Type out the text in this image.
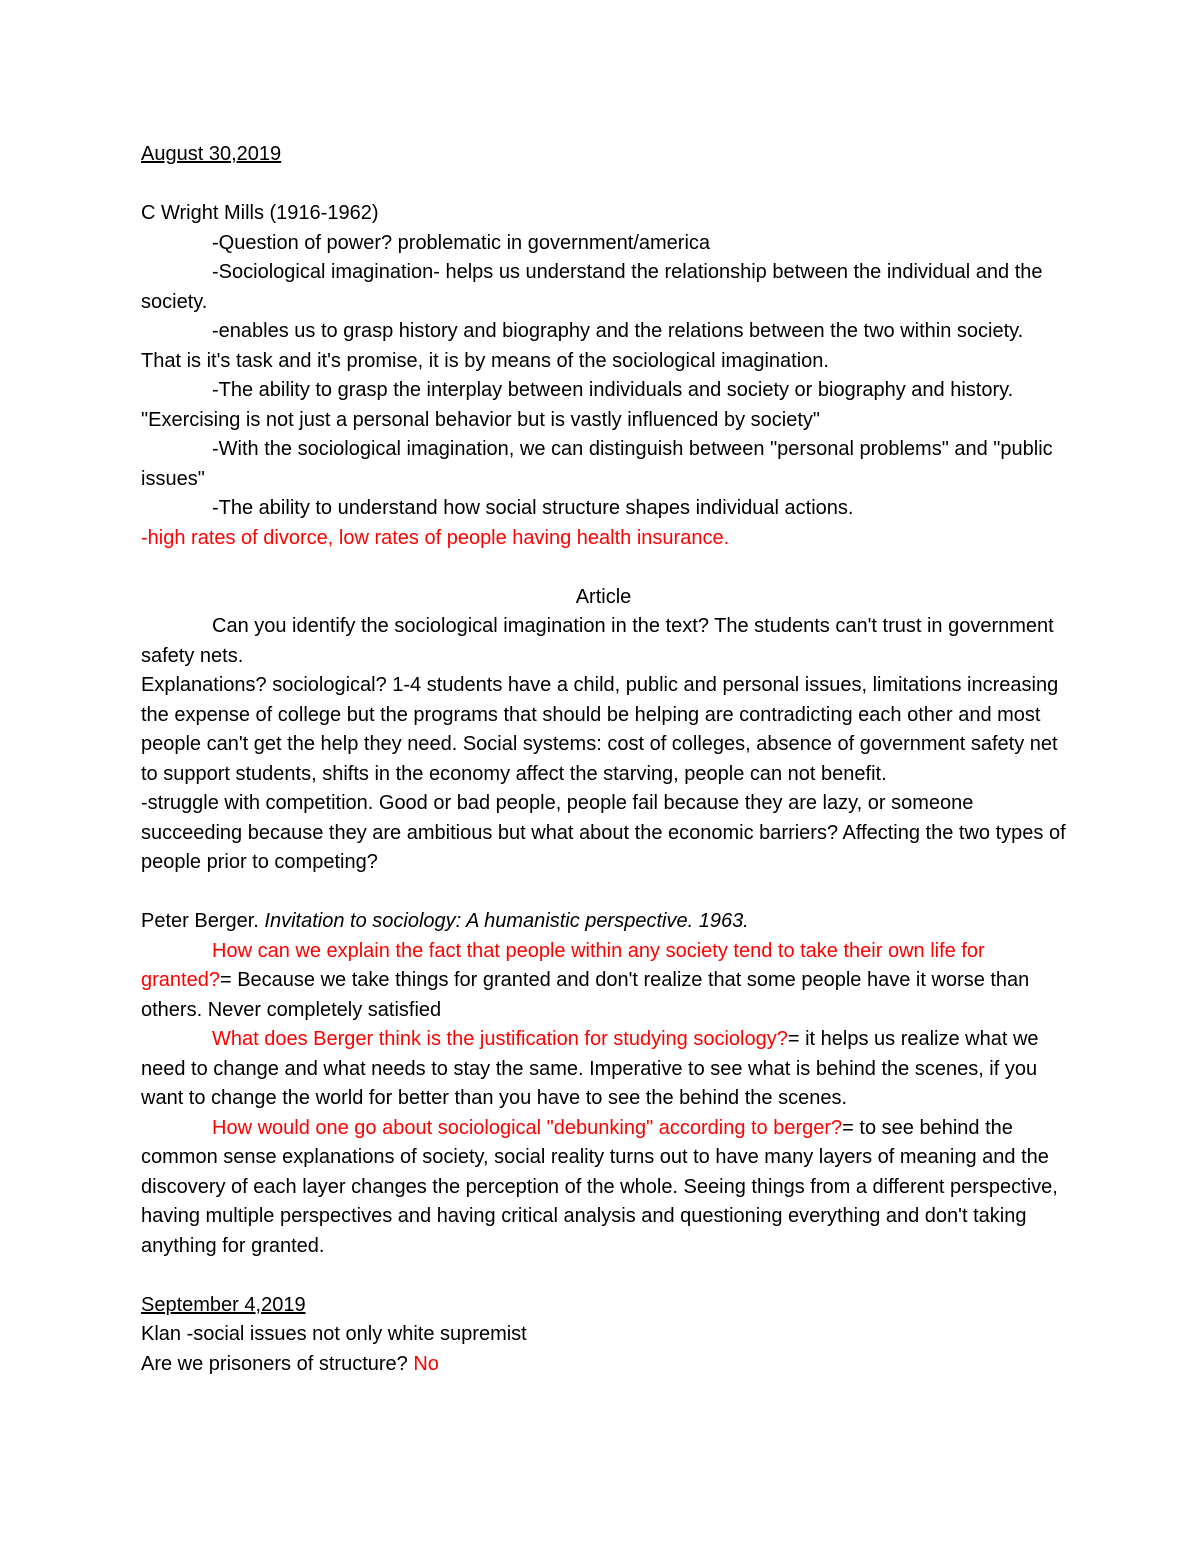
August 30,2019

C Wright Mills (1916-1962)

-Question of power? problematic in government/america

-Sociological imagination- helps us understand the relationship between the individual and the society.

-enables us to grasp history and biography and the relations between the two within society. That is it's task and it's promise, it is by means of the sociological imagination.

-The ability to grasp the interplay between individuals and society or biography and history. "Exercising is not just a personal behavior but is vastly influenced by society"

-With the sociological imagination, we can distinguish between "personal problems" and "public issues"

-The ability to understand how social structure shapes individual actions.

-high rates of divorce, low rates of people having health insurance.

Article

Can you identify the sociological imagination in the text? The students can't trust in government safety nets.

Explanations? sociological? 1-4 students have a child, public and personal issues, limitations increasing the expense of college but the programs that should be helping are contradicting each other and most people can't get the help they need. Social systems: cost of colleges, absence of government safety net to support students, shifts in the economy affect the starving, people can not benefit.

-struggle with competition. Good or bad people, people fail because they are lazy, or someone succeeding because they are ambitious but what about the economic barriers? Affecting the two types of people prior to competing?

Peter Berger. Invitation to sociology: A humanistic perspective. 1963.

How can we explain the fact that people within any society tend to take their own life for granted?= Because we take things for granted and don't realize that some people have it worse than others. Never completely satisfied

What does Berger think is the justification for studying sociology?= it helps us realize what we need to change and what needs to stay the same. Imperative to see what is behind the scenes, if you want to change the world for better than you have to see the behind the scenes.

How would one go about sociological "debunking" according to berger?= to see behind the common sense explanations of society, social reality turns out to have many layers of meaning and the discovery of each layer changes the perception of the whole. Seeing things from a different perspective, having multiple perspectives and having critical analysis and questioning everything and don't taking anything for granted.

September 4,2019

Klan -social issues not only white supremist

Are we prisoners of structure? No
